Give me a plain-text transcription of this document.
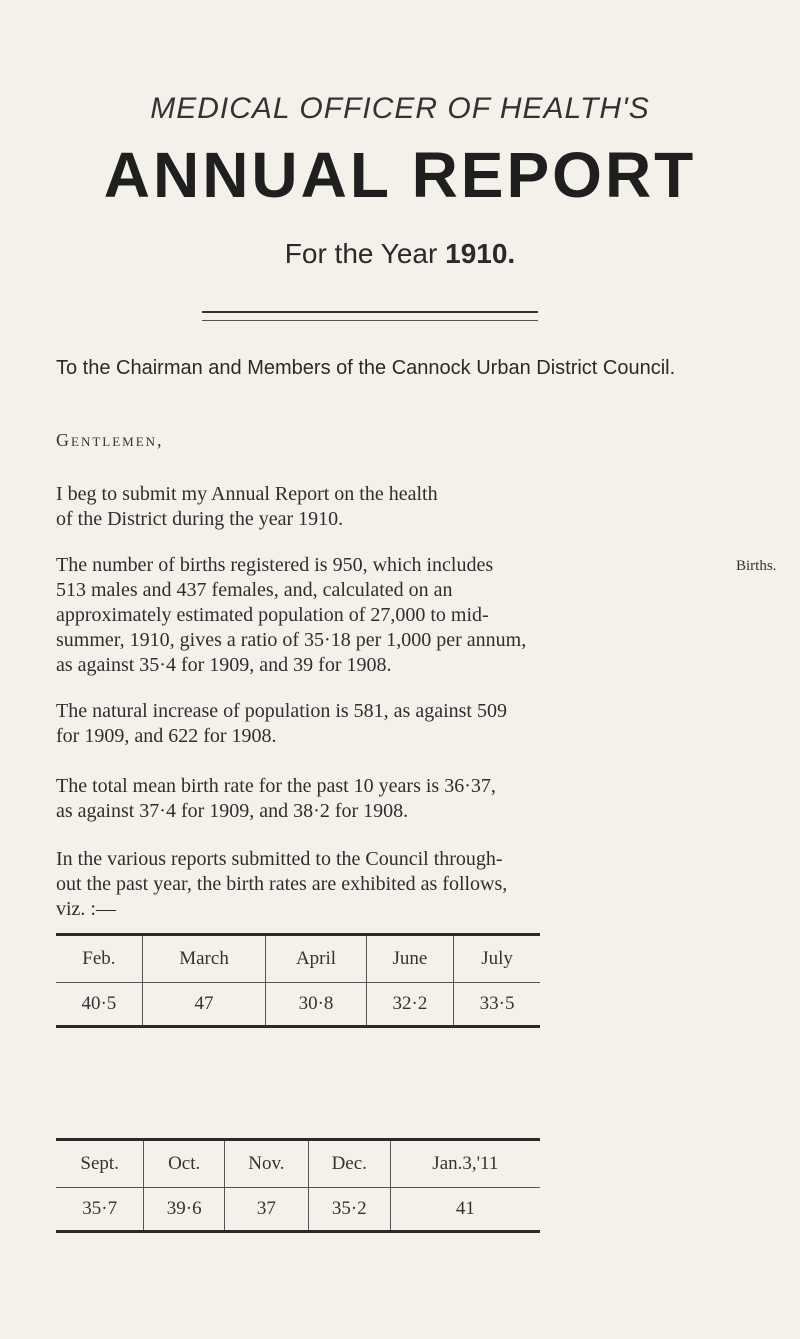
MEDICAL OFFICER OF HEALTH'S
ANNUAL REPORT
For the Year 1910.
To the Chairman and Members of the Cannock Urban District Council.
Gentlemen,
I beg to submit my Annual Report on the health
of the District during the year 1910.
The number of births registered is 950, which includes
513 males and 437 females, and, calculated on an
approximately estimated population of 27,000 to mid-
summer, 1910, gives a ratio of 35·18 per 1,000 per annum,
as against 35·4 for 1909, and 39 for 1908.
Births.
The natural increase of population is 581, as against 509
for 1909, and 622 for 1908.
The total mean birth rate for the past 10 years is 36·37,
as against 37·4 for 1909, and 38·2 for 1908.
In the various reports submitted to the Council through-
out the past year, the birth rates are exhibited as follows,
viz. :—
Feb.	March	April	June	July
40·5	47	30·8	32·2	33·5
Sept.	Oct.	Nov.	Dec.	Jan.3,'11
35·7	39·6	37	35·2	41
